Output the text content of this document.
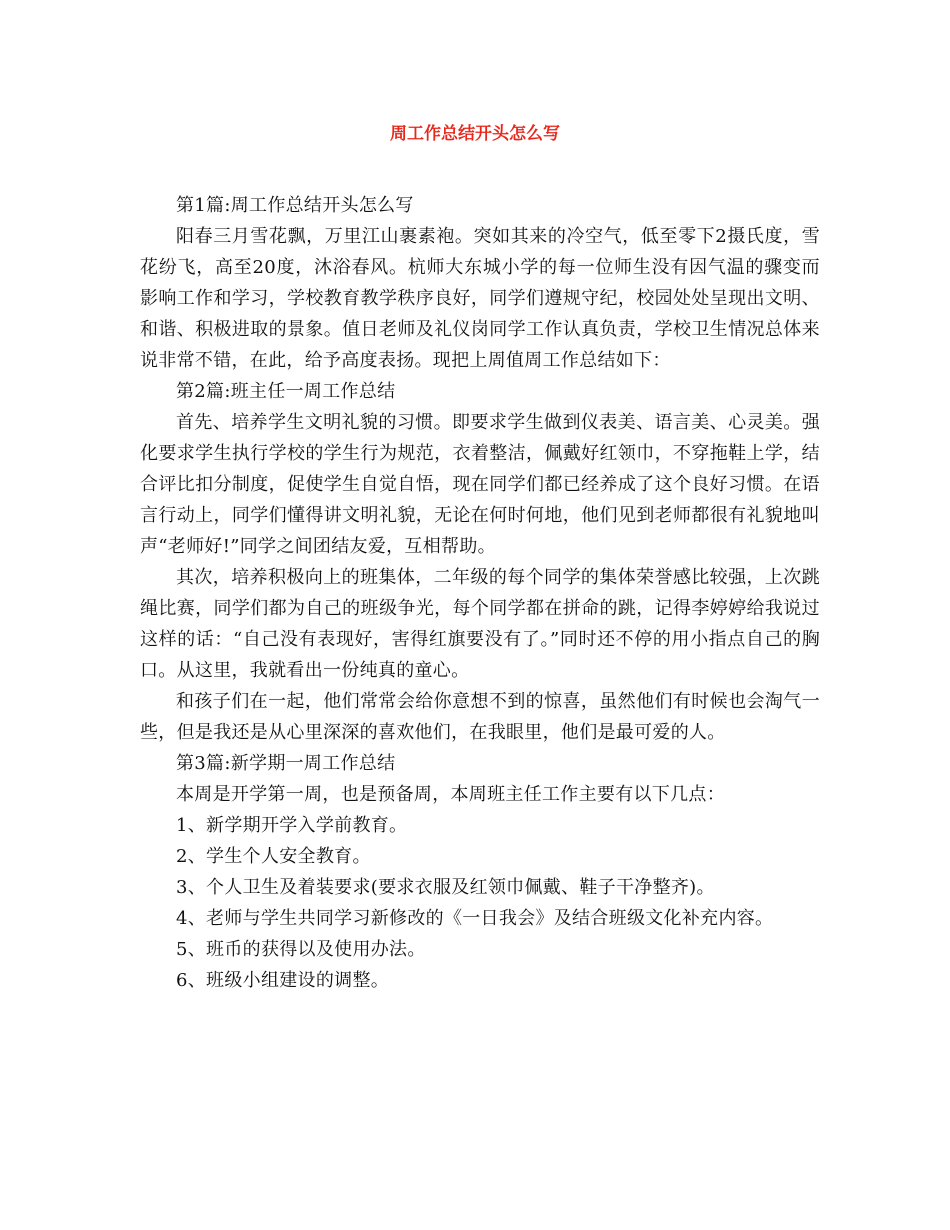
周工作总结开头怎么写

第1篇:周工作总结开头怎么写

阳春三月雪花飘，万里江山裹素袍。突如其来的冷空气，低至零下2摄氏度，雪花纷飞，高至20度，沐浴春风。杭师大东城小学的每一位师生没有因气温的骤变而影响工作和学习，学校教育教学秩序良好，同学们遵规守纪，校园处处呈现出文明、和谐、积极进取的景象。值日老师及礼仪岗同学工作认真负责，学校卫生情况总体来说非常不错，在此，给予高度表扬。现把上周值周工作总结如下：

第2篇:班主任一周工作总结

首先、培养学生文明礼貌的习惯。即要求学生做到仪表美、语言美、心灵美。强化要求学生执行学校的学生行为规范，衣着整洁，佩戴好红领巾，不穿拖鞋上学，结合评比扣分制度，促使学生自觉自悟，现在同学们都已经养成了这个良好习惯。在语言行动上，同学们懂得讲文明礼貌，无论在何时何地，他们见到老师都很有礼貌地叫声“老师好!”同学之间团结友爱，互相帮助。

其次，培养积极向上的班集体，二年级的每个同学的集体荣誉感比较强，上次跳绳比赛，同学们都为自己的班级争光，每个同学都在拼命的跳，记得李婷婷给我说过这样的话：“自己没有表现好，害得红旗要没有了。”同时还不停的用小指点自己的胸口。从这里，我就看出一份纯真的童心。

和孩子们在一起，他们常常会给你意想不到的惊喜，虽然他们有时候也会淘气一些，但是我还是从心里深深的喜欢他们，在我眼里，他们是最可爱的人。

第3篇:新学期一周工作总结

本周是开学第一周，也是预备周，本周班主任工作主要有以下几点：

1、新学期开学入学前教育。

2、学生个人安全教育。

3、个人卫生及着装要求(要求衣服及红领巾佩戴、鞋子干净整齐)。

4、老师与学生共同学习新修改的《一日我会》及结合班级文化补充内容。

5、班币的获得以及使用办法。

6、班级小组建设的调整。
